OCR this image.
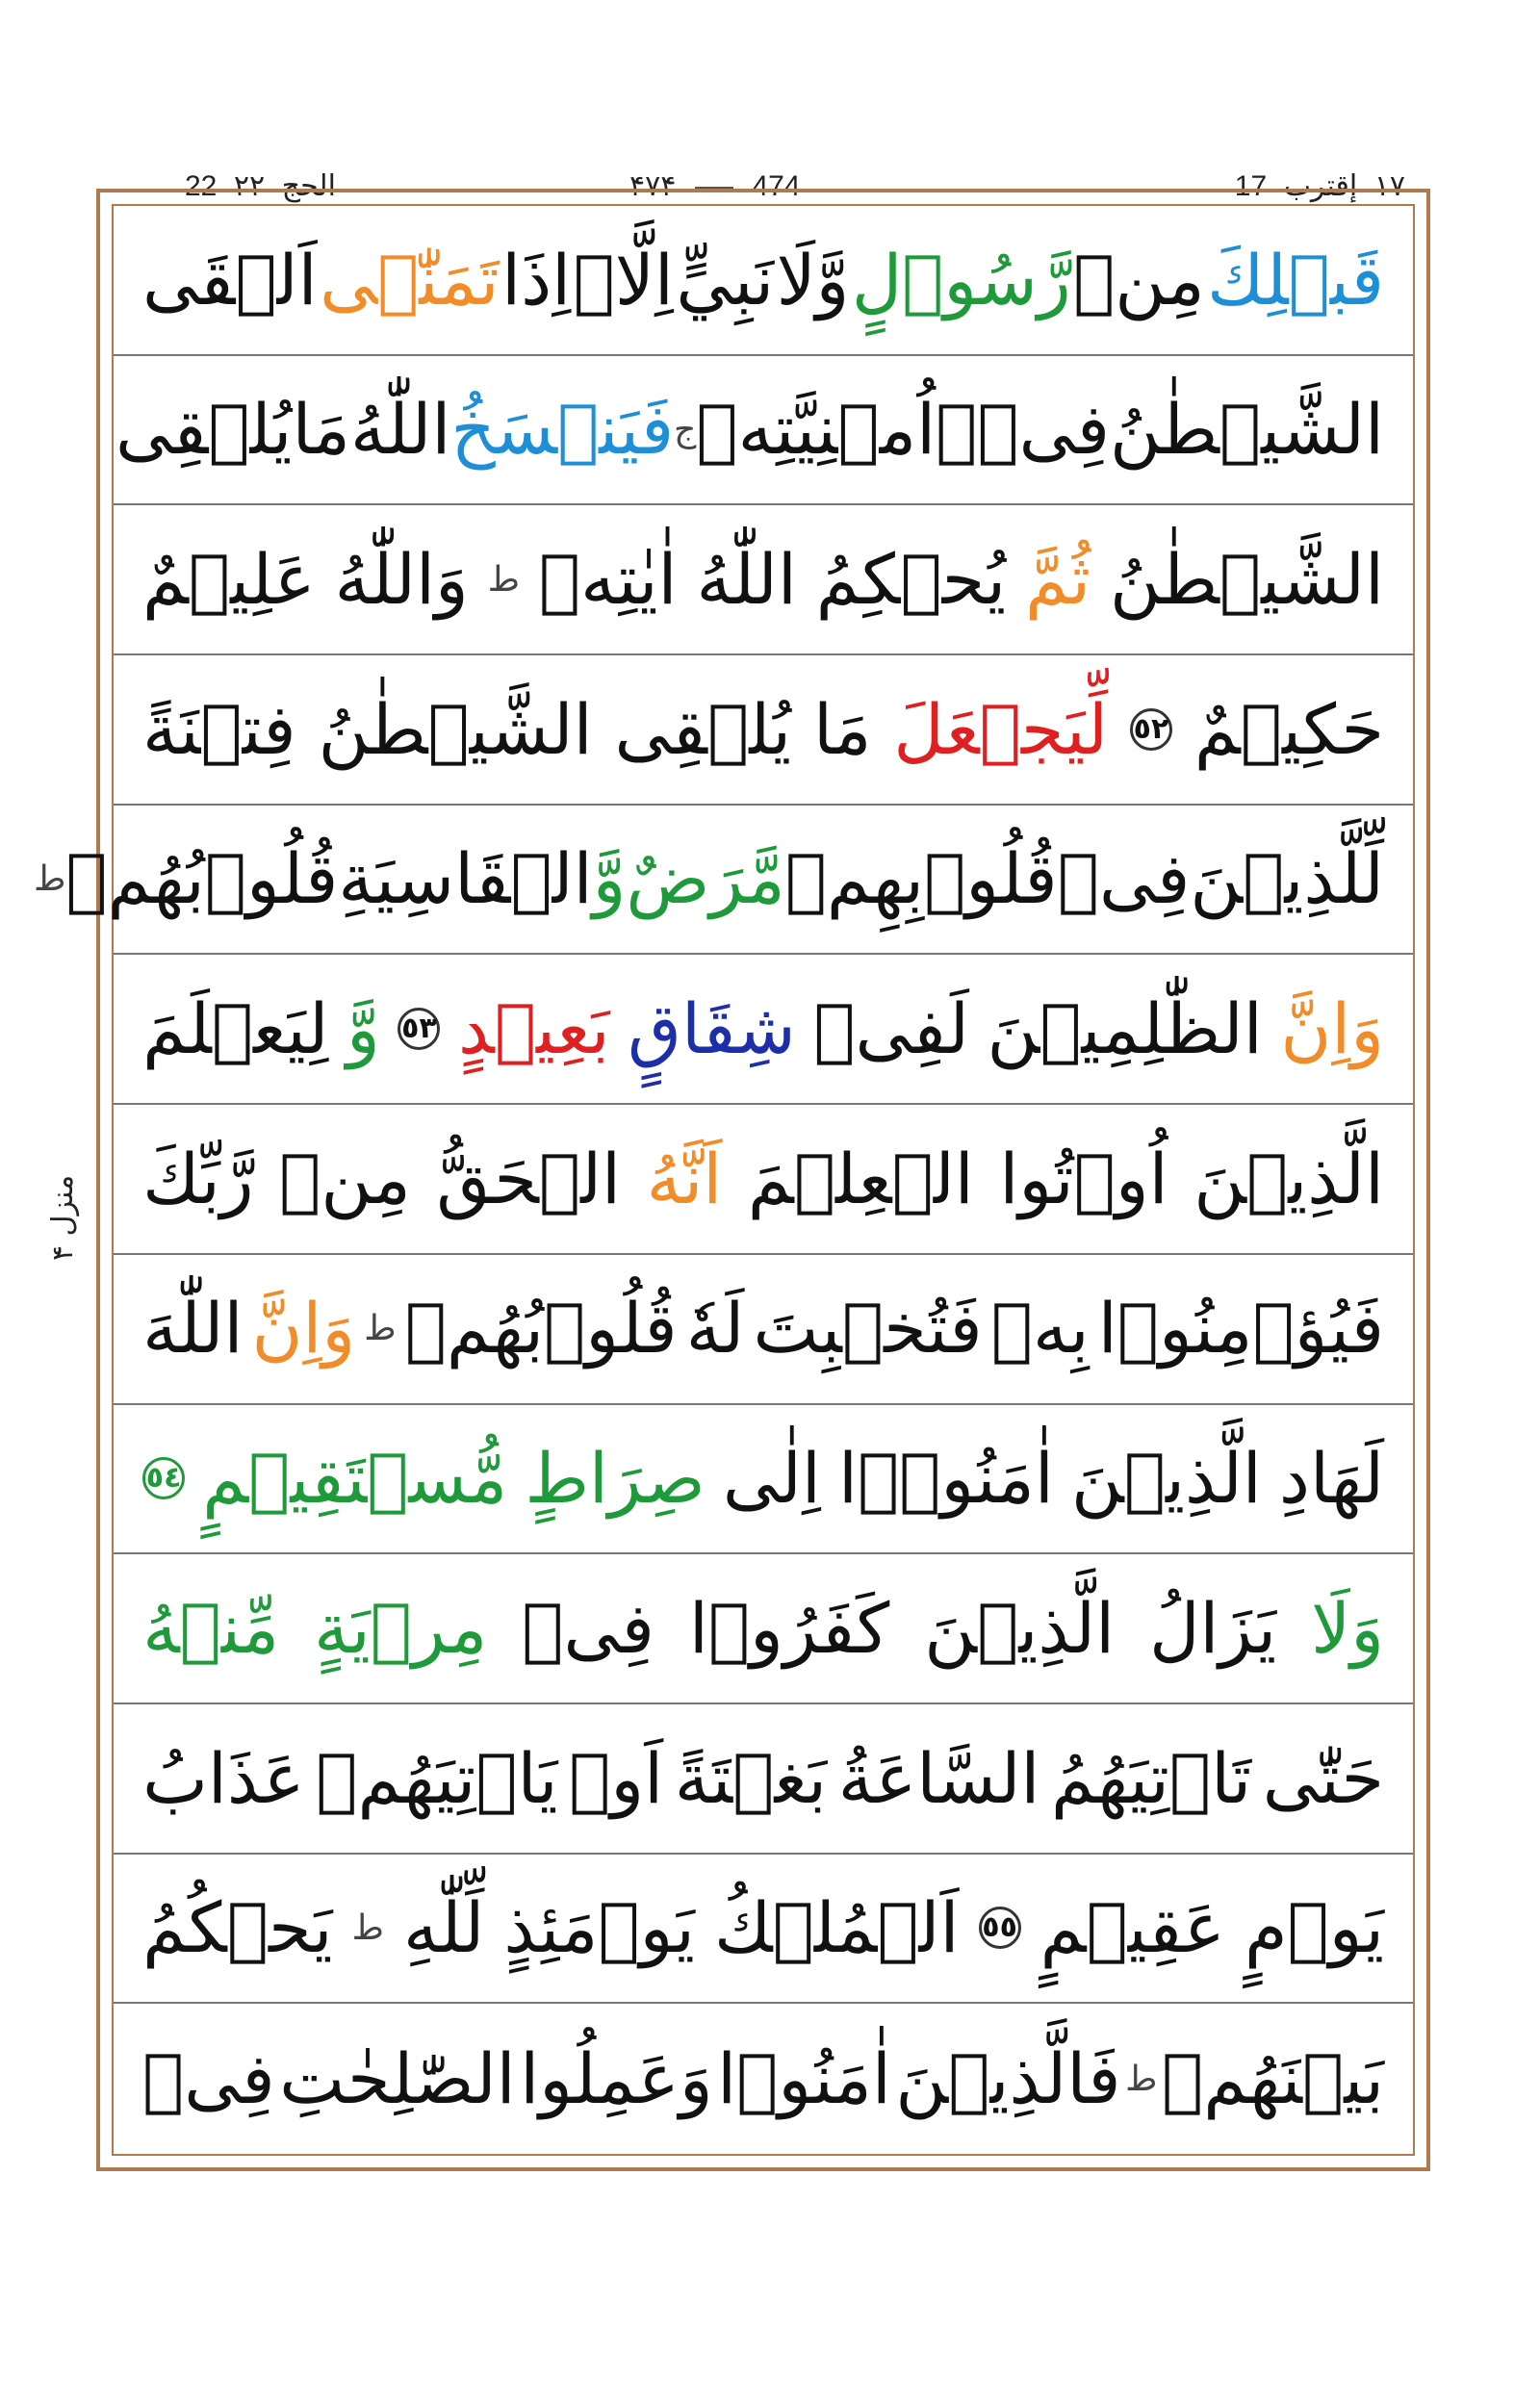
22 الحج ۲۲	۴۷۴	474	١٧ إقترب 17
قَبۡلِكَ
مِنۡ
رَّسُوۡلٍ
وَّلَا
نَبِيٍّ
اِلَّاۤ
اِذَا
تَمَنّٰۤى
اَلۡقَى
الشَّيۡطٰنُ
فِىۡۤ
اُمۡنِيَّتِهٖ
ج
فَيَنۡسَخُ
اللّٰهُ
مَا
يُلۡقِى
الشَّيۡطٰنُ
ثُمَّ
يُحۡكِمُ
اللّٰهُ
اٰيٰتِهٖ
ط
وَاللّٰهُ
عَلِيۡمٌ
حَكِيۡمٌ
٥٢
لِّيَجۡعَلَ
مَا
يُلۡقِى
الشَّيۡطٰنُ
فِتۡنَةً
لِّلَّذِيۡنَ
فِىۡ
قُلُوۡبِهِمۡ
مَّرَضٌ
وَّ
الۡقَاسِيَةِ
قُلُوۡبُهُمۡ
ط
وَاِنَّ
الظّٰلِمِيۡنَ
لَفِىۡ
شِقَاقٍ
بَعِيۡدٍ
٥٣
وَّ
لِيَعۡلَمَ
الَّذِيۡنَ
اُوۡتُوا
الۡعِلۡمَ
اَنَّهُ
الۡحَقُّ
مِنۡ
رَّبِّكَ
فَيُؤۡمِنُوۡا
بِهٖ
فَتُخۡبِتَ
لَهٗ
قُلُوۡبُهُمۡ
ط
وَاِنَّ
اللّٰهَ
لَهَادِ
الَّذِيۡنَ
اٰمَنُوۡۤا
اِلٰى
صِرَاطٍ
مُّسۡتَقِيۡمٍ
٥٤
وَلَا
يَزَالُ
الَّذِيۡنَ
كَفَرُوۡا
فِىۡ
مِرۡيَةٍ
مِّنۡهُ
حَتّٰى
تَاۡتِيَهُمُ
السَّاعَةُ
بَغۡتَةً
اَوۡ
يَاۡتِيَهُمۡ
عَذَابُ
يَوۡمٍ
عَقِيۡمٍ
٥٥
اَلۡمُلۡكُ
يَوۡمَئِذٍ
لِّلّٰهِ
ط
يَحۡكُمُ
بَيۡنَهُمۡ
ط
فَالَّذِيۡنَ
اٰمَنُوۡا
وَعَمِلُوا
الصّٰلِحٰتِ
فِىۡ
منزل ۴
